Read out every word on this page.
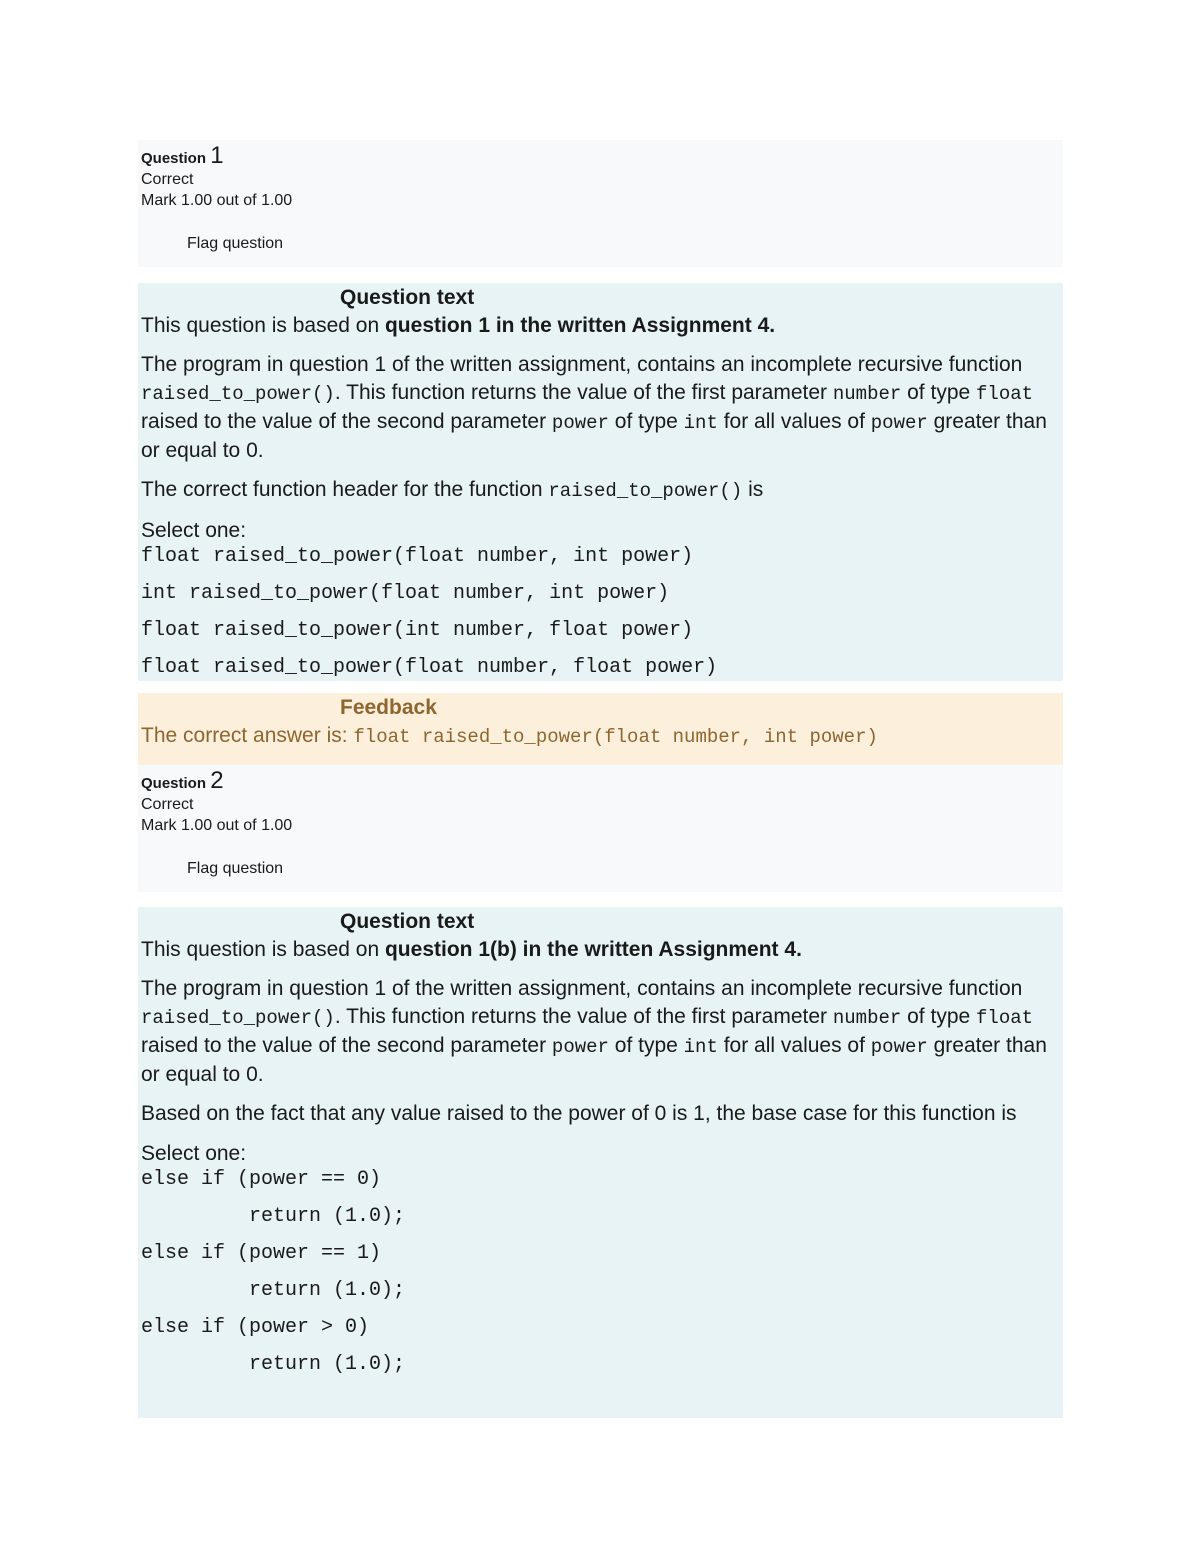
Question 1
Correct
Mark 1.00 out of 1.00
Flag question
Question text

This question is based on question 1 in the written Assignment 4.

The program in question 1 of the written assignment, contains an incomplete recursive function raised_to_power(). This function returns the value of the first parameter number of type float raised to the value of the second parameter power of type int for all values of power greater than or equal to 0.

The correct function header for the function raised_to_power() is

Select one:
float raised_to_power(float number, int power)
int raised_to_power(float number, int power)
float raised_to_power(int number, float power)
float raised_to_power(float number, float power)
Feedback
The correct answer is: float raised_to_power(float number, int power)
Question 2
Correct
Mark 1.00 out of 1.00
Flag question
Question text

This question is based on question 1(b) in the written Assignment 4.

The program in question 1 of the written assignment, contains an incomplete recursive function raised_to_power(). This function returns the value of the first parameter number of type float raised to the value of the second parameter power of type int for all values of power greater than or equal to 0.

Based on the fact that any value raised to the power of 0 is 1, the base case for this function is

Select one:
else if (power == 0)
return (1.0);
else if (power == 1)
return (1.0);
else if (power > 0)
return (1.0);
